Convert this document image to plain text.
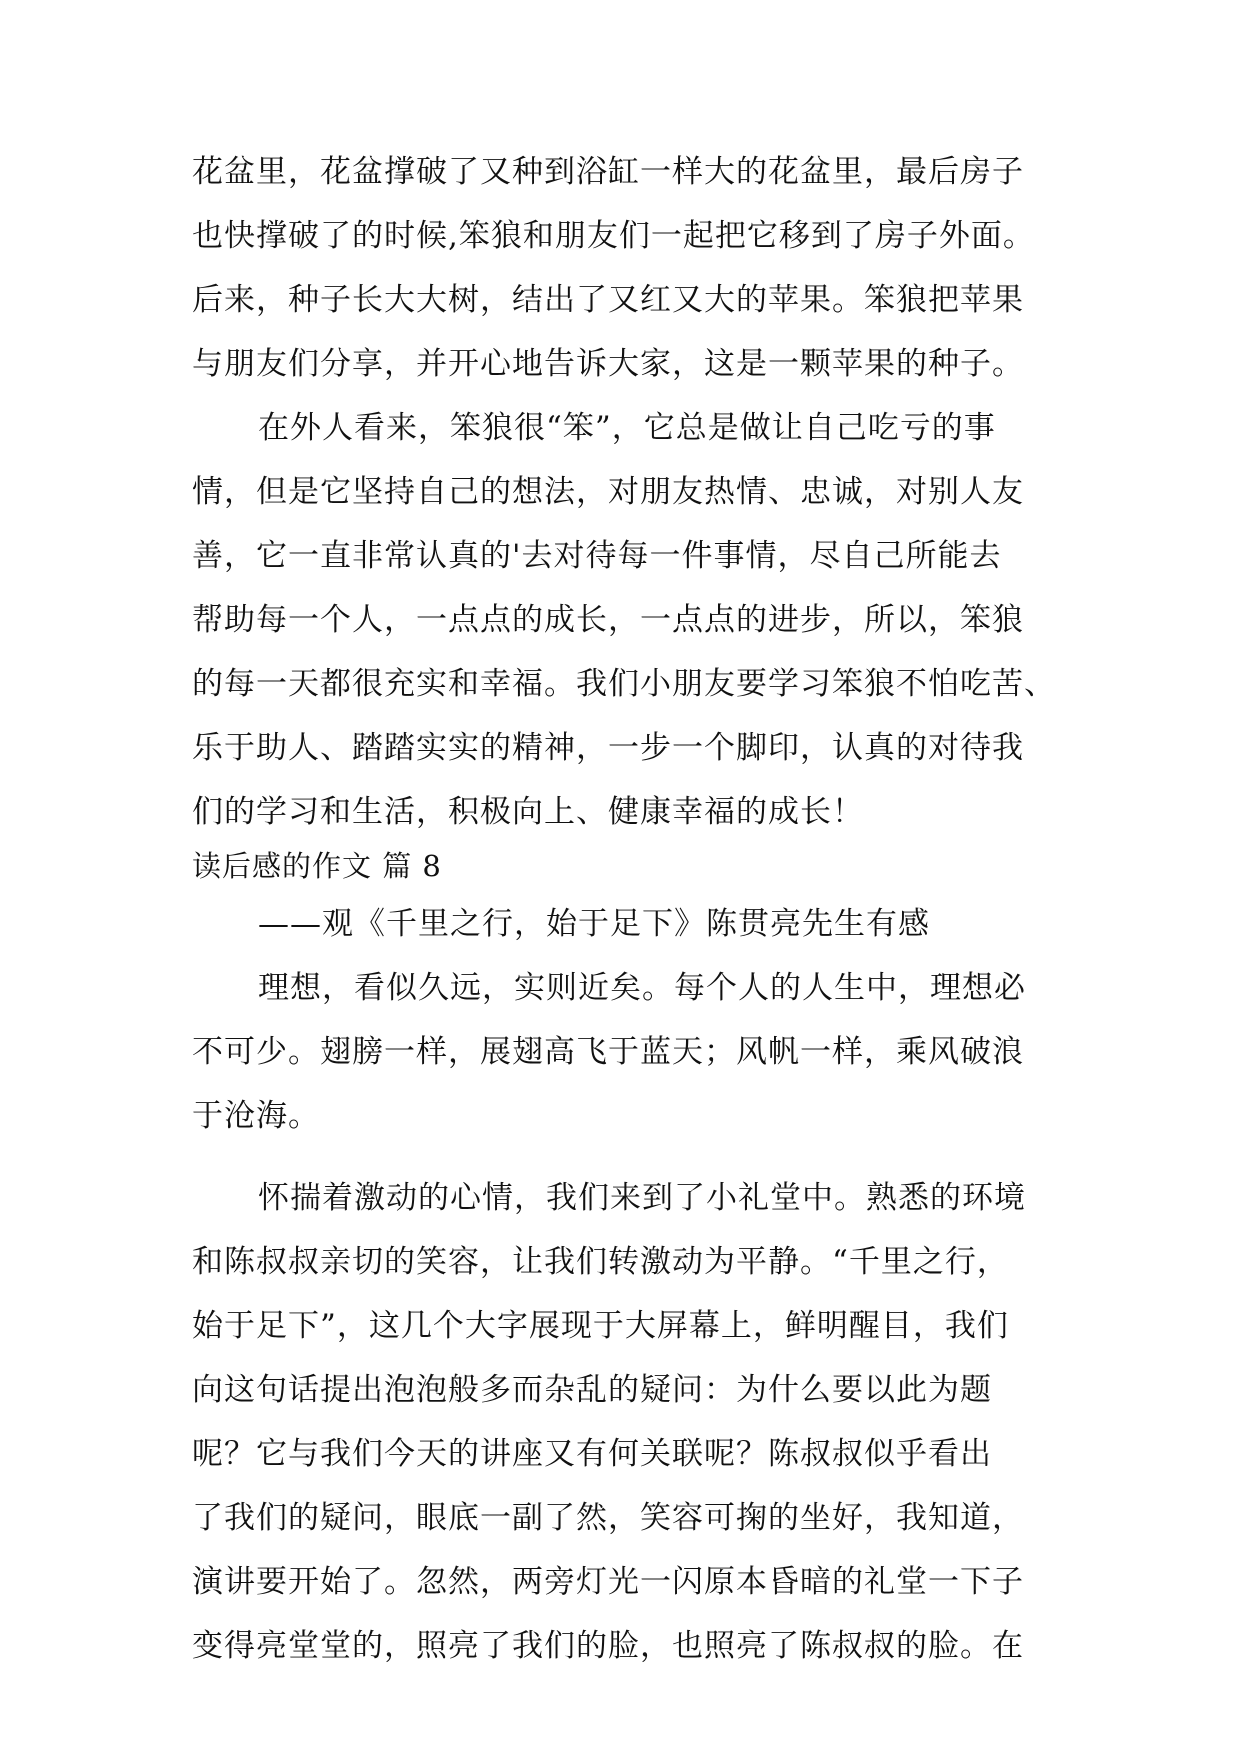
花盆里，花盆撑破了又种到浴缸一样大的花盆里，最后房子
也快撑破了的时候,笨狼和朋友们一起把它移到了房子外面。
后来，种子长大大树，结出了又红又大的苹果。笨狼把苹果
与朋友们分享，并开心地告诉大家，这是一颗苹果的种子。
在外人看来，笨狼很“笨”，它总是做让自己吃亏的事
情，但是它坚持自己的想法，对朋友热情、忠诚，对别人友
善，它一直非常认真的'去对待每一件事情，尽自己所能去
帮助每一个人，一点点的成长，一点点的进步，所以，笨狼
的每一天都很充实和幸福。我们小朋友要学习笨狼不怕吃苦、
乐于助人、踏踏实实的精神，一步一个脚印，认真的对待我
们的学习和生活，积极向上、健康幸福的成长！
读后感的作文 篇 8
——观《千里之行，始于足下》陈贯亮先生有感
理想，看似久远，实则近矣。每个人的人生中，理想必
不可少。翅膀一样，展翅高飞于蓝天；风帆一样，乘风破浪
于沧海。
怀揣着激动的心情，我们来到了小礼堂中。熟悉的环境
和陈叔叔亲切的笑容，让我们转激动为平静。“千里之行，
始于足下”，这几个大字展现于大屏幕上，鲜明醒目，我们
向这句话提出泡泡般多而杂乱的疑问：为什么要以此为题
呢？它与我们今天的讲座又有何关联呢？陈叔叔似乎看出
了我们的疑问，眼底一副了然，笑容可掬的坐好，我知道，
演讲要开始了。忽然，两旁灯光一闪原本昏暗的礼堂一下子
变得亮堂堂的，照亮了我们的脸，也照亮了陈叔叔的脸。在
